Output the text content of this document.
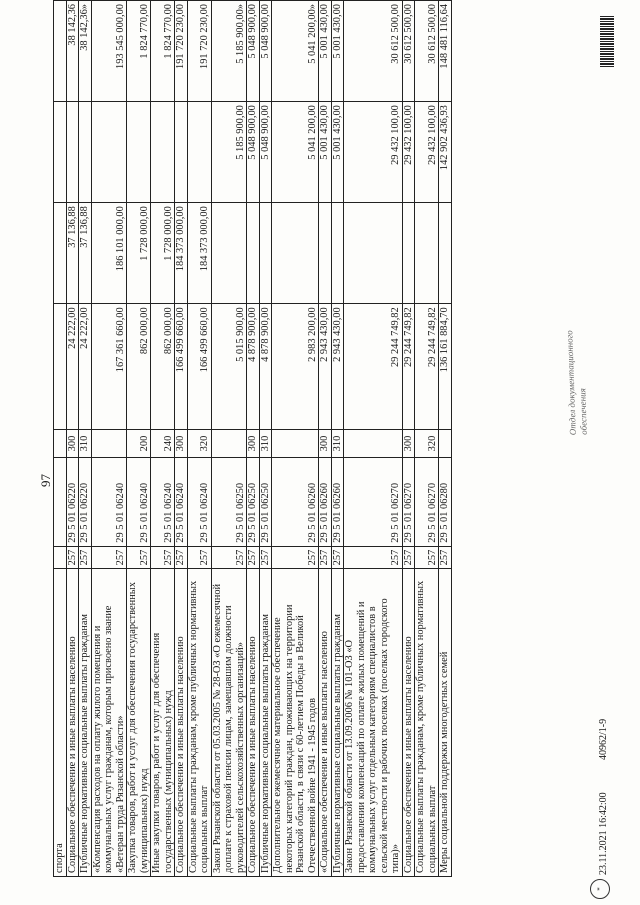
97
спорта							
Социальное обеспечение и иные выплаты населению	257	29 5 01 06220	300	24 222,00	37 136,88		38 142,36
Публичные нормативные социальные выплаты гражданам	257	29 5 01 06220	310	24 222,00	37 136,88		38 142,36»
«Компенсация расходов на оплату жилого помещения и коммунальных услуг гражданам, которым присвоено звание «Ветеран труда Рязанской области»	257	29 5 01 06240		167 361 660,00	186 101 000,00		193 545 000,00
Закупка товаров, работ и услуг для обеспечения государственных (муниципальных) нужд	257	29 5 01 06240	200	862 000,00	1 728 000,00		1 824 770,00
Иные закупки товаров, работ и услуг для обеспечения государственных (муниципальных) нужд	257	29 5 01 06240	240	862 000,00	1 728 000,00		1 824 770,00
Социальное обеспечение и иные выплаты населению	257	29 5 01 06240	300	166 499 660,00	184 373 000,00		191 720 230,00
Социальные выплаты гражданам, кроме публичных нормативных социальных выплат	257	29 5 01 06240	320	166 499 660,00	184 373 000,00		191 720 230,00
Закон Рязанской области от 05.03.2005 № 28-ОЗ «О ежемесячной доплате к страховой пенсии лицам, замещавшим должности руководителей сельскохозяйственных организаций»	257	29 5 01 06250		5 015 900,00		5 185 900,00	5 185 900,00»
Социальное обеспечение и иные выплаты населению	257	29 5 01 06250	300	4 878 900,00		5 048 900,00	5 048 900,00
Публичные нормативные социальные выплаты гражданам	257	29 5 01 06250	310	4 878 900,00		5 048 900,00	5 048 900,00
Дополнительное ежемесячное материальное обеспечение некоторых категорий граждан, проживающих на территории Рязанской области, в связи с 60-летием Победы в Великой Отечественной войне 1941 - 1945 годов	257	29 5 01 06260		2 983 200,00		5 041 200,00	5 041 200,00»
«Социальное обеспечение и иные выплаты населению	257	29 5 01 06260	300	2 943 430,00		5 001 430,00	5 001 430,00
Публичные нормативные социальные выплаты гражданам	257	29 5 01 06260	310	2 943 430,00		5 001 430,00	5 001 430,00
Закон Рязанской области от 13.09.2006 № 101-ОЗ «О предоставлении компенсаций по оплате жилых помещений и коммунальных услуг отдельным категориям специалистов в сельской местности и рабочих поселках (поселках городского типа)»	257	29 5 01 06270		29 244 749,82		29 432 100,00	30 612 500,00
Социальное обеспечение и иные выплаты населению	257	29 5 01 06270	300	29 244 749,82		29 432 100,00	30 612 500,00
Социальные выплаты гражданам, кроме публичных нормативных социальных выплат	257	29 5 01 06270	320	29 244 749,82		29 432 100,00	30 612 500,00
Меры социальной поддержки многодетных семей	257	29 5 01 06280		136 161 884,70		142 902 436,93	148 481 116,64
Отдел документационного обеспечения
*
23.11.2021 16:42:00
40962/1-9
